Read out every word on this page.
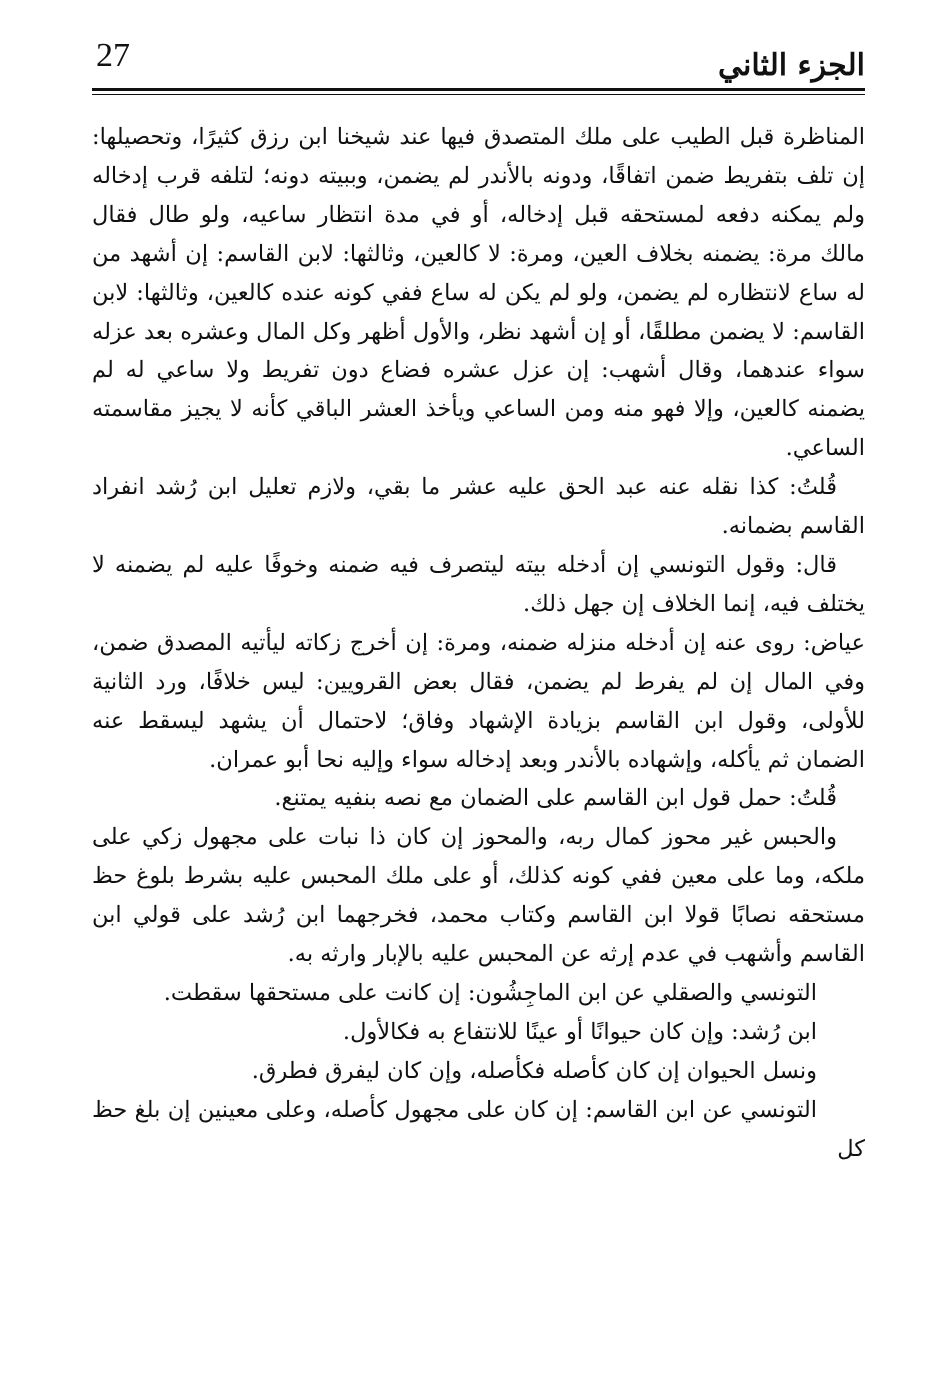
27	الجزء الثاني

المناظرة قبل الطيب على ملك المتصدق فيها عند شيخنا ابن رزق كثيرًا، وتحصيلها: إن تلف بتفريط ضمن اتفاقًا، ودونه بالأندر لم يضمن، وببيته دونه؛ لتلفه قرب إدخاله ولم يمكنه دفعه لمستحقه قبل إدخاله، أو في مدة انتظار ساعيه، ولو طال فقال مالك مرة: يضمنه بخلاف العين، ومرة: لا كالعين، وثالثها: لابن القاسم: إن أشهد من له ساع لانتظاره لم يضمن، ولو لم يكن له ساع ففي كونه عنده كالعين، وثالثها: لابن القاسم: لا يضمن مطلقًا، أو إن أشهد نظر، والأول أظهر وكل المال وعشره بعد عزله سواء عندهما، وقال أشهب: إن عزل عشره فضاع دون تفريط ولا ساعي له لم يضمنه كالعين، وإلا فهو منه ومن الساعي ويأخذ العشر الباقي كأنه لا يجيز مقاسمته الساعي.

قُلتُ: كذا نقله عنه عبد الحق عليه عشر ما بقي، ولازم تعليل ابن رُشد انفراد القاسم بضمانه.

قال: وقول التونسي إن أدخله بيته ليتصرف فيه ضمنه وخوفًا عليه لم يضمنه لا يختلف فيه، إنما الخلاف إن جهل ذلك.

عياض: روى عنه إن أدخله منزله ضمنه، ومرة: إن أخرج زكاته ليأتيه المصدق ضمن، وفي المال إن لم يفرط لم يضمن، فقال بعض القرويين: ليس خلافًا، ورد الثانية للأولى، وقول ابن القاسم بزيادة الإشهاد وفاق؛ لاحتمال أن يشهد ليسقط عنه الضمان ثم يأكله، وإشهاده بالأندر وبعد إدخاله سواء وإليه نحا أبو عمران.

قُلتُ: حمل قول ابن القاسم على الضمان مع نصه بنفيه يمتنع.

والحبس غير محوز كمال ربه، والمحوز إن كان ذا نبات على مجهول زكي على ملكه، وما على معين ففي كونه كذلك، أو على ملك المحبس عليه بشرط بلوغ حظ مستحقه نصابًا قولا ابن القاسم وكتاب محمد، فخرجهما ابن رُشد على قولي ابن القاسم وأشهب في عدم إرثه عن المحبس عليه بالإبار وارثه به.

التونسي والصقلي عن ابن الماجِشُون: إن كانت على مستحقها سقطت.

ابن رُشد: وإن كان حيوانًا أو عينًا للانتفاع به فكالأول.

ونسل الحيوان إن كان كأصله فكأصله، وإن كان ليفرق فطرق.

التونسي عن ابن القاسم: إن كان على مجهول كأصله، وعلى معينين إن بلغ حظ كل
